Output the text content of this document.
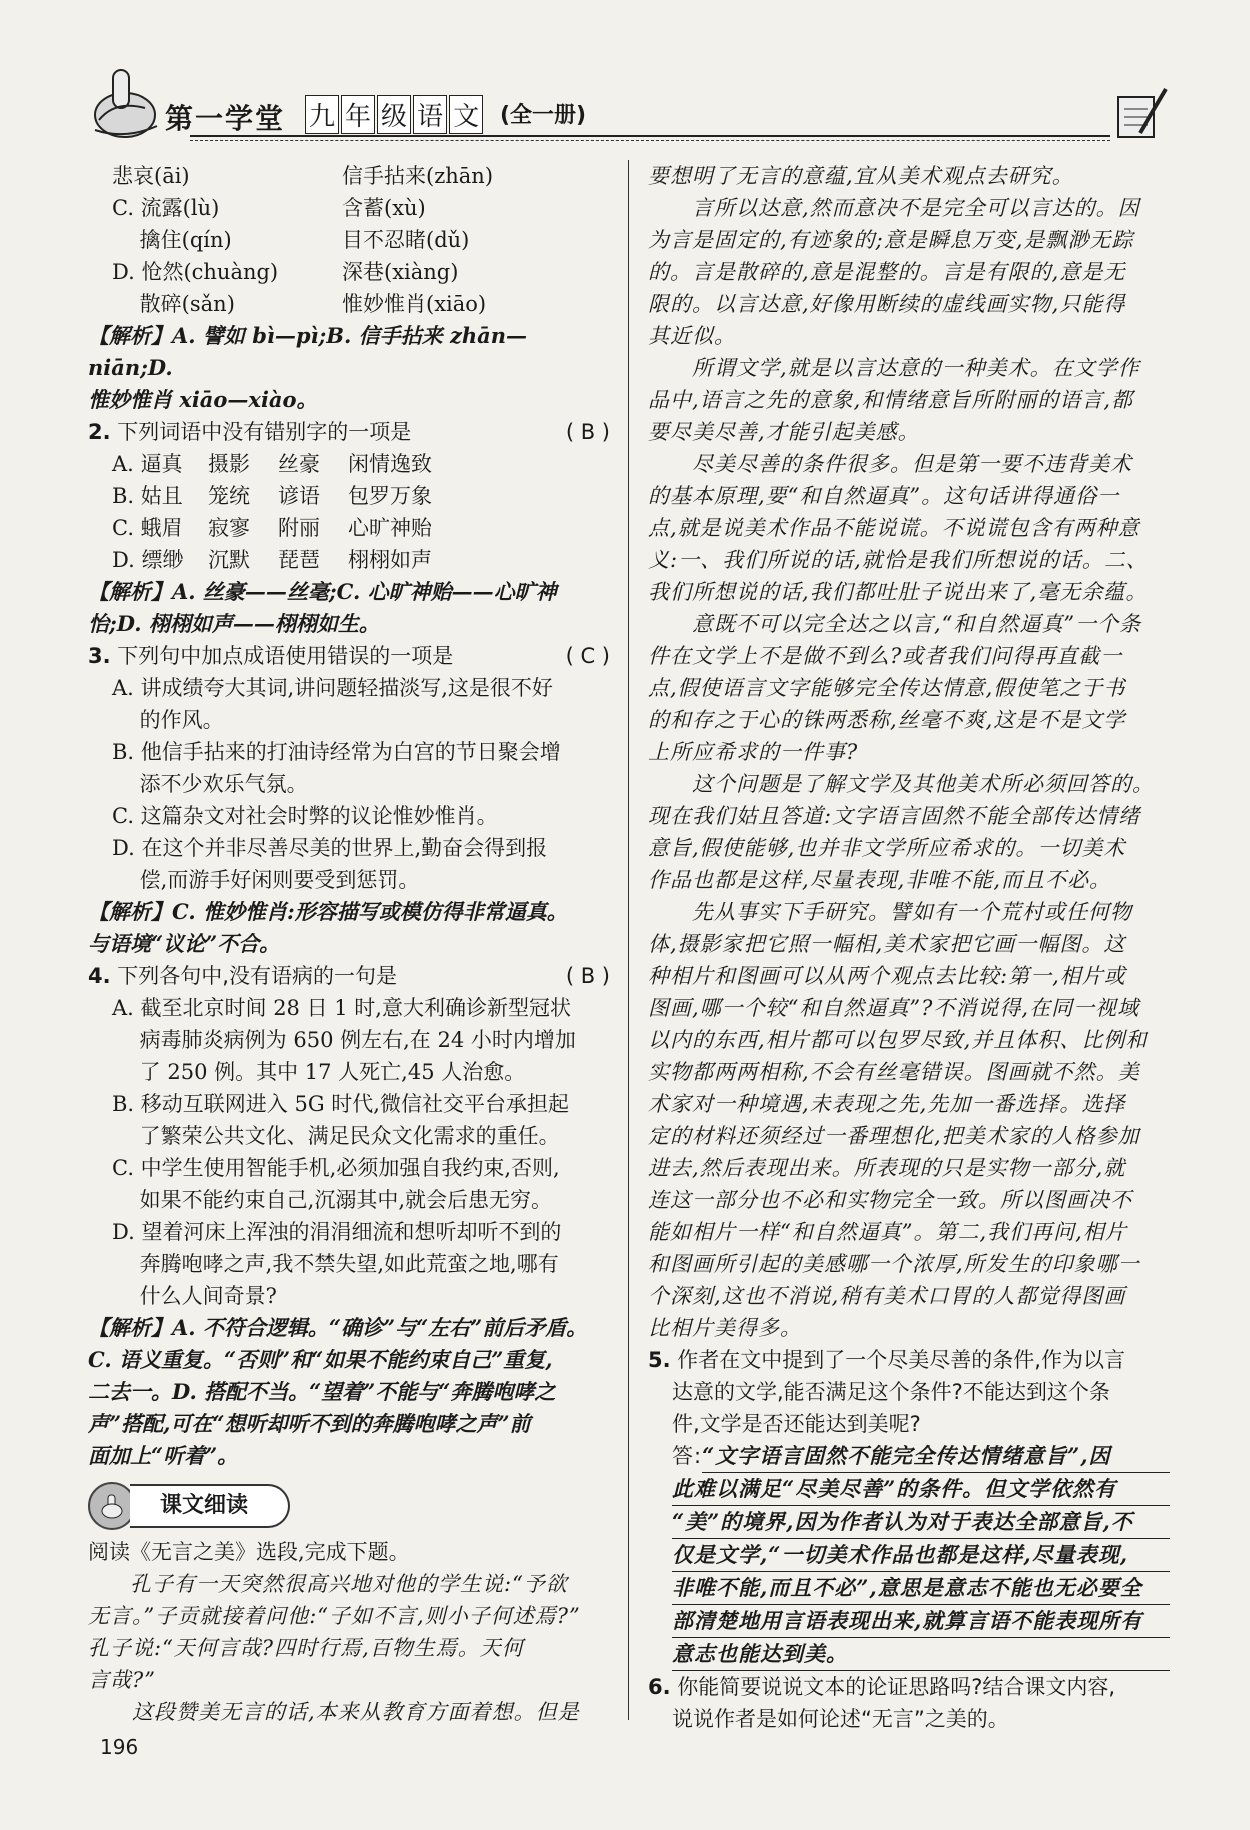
第一学堂 九 年 级 语 文 (全一册)
悲哀(āi)	信手拈来(zhān)
C. 流露(lù)	含蓄(xù)
　 擒住(qín)	目不忍睹(dǔ)
D. 怆然(chuàng)	深巷(xiàng)
　 散碎(sǎn)	惟妙惟肖(xiāo)
【解析】A. 譬如 bì—pì;B. 信手拈来 zhān—niān;D.
惟妙惟肖 xiāo—xiào。
2. 下列词语中没有错别字的一项是	( B )
A. 逼真	摄影	丝豪	闲情逸致
B. 姑且	笼统	谚语	包罗万象
C. 蛾眉	寂寥	附丽	心旷神贻
D. 缥缈	沉默	琵琶	栩栩如声
【解析】A. 丝豪——丝毫;C. 心旷神贻——心旷神
怡;D. 栩栩如声——栩栩如生。
3. 下列句中加点成语使用错误的一项是	( C )
A. 讲成绩夸大其词,讲问题轻描淡写,这是很不好
　 的作风。
B. 他信手拈来的打油诗经常为白宫的节日聚会增
　 添不少欢乐气氛。
C. 这篇杂文对社会时弊的议论惟妙惟肖。
D. 在这个并非尽善尽美的世界上,勤奋会得到报
　 偿,而游手好闲则要受到惩罚。
【解析】C. 惟妙惟肖:形容描写或模仿得非常逼真。
与语境“议论”不合。
4. 下列各句中,没有语病的一句是	( B )
A. 截至北京时间 28 日 1 时,意大利确诊新型冠状
　 病毒肺炎病例为 650 例左右,在 24 小时内增加
　 了 250 例。其中 17 人死亡,45 人治愈。
B. 移动互联网进入 5G 时代,微信社交平台承担起
　 了繁荣公共文化、满足民众文化需求的重任。
C. 中学生使用智能手机,必须加强自我约束,否则,
　 如果不能约束自己,沉溺其中,就会后患无穷。
D. 望着河床上浑浊的涓涓细流和想听却听不到的
　 奔腾咆哮之声,我不禁失望,如此荒蛮之地,哪有
　 什么人间奇景?
【解析】A. 不符合逻辑。“确诊”与“左右”前后矛盾。
C. 语义重复。“否则”和“如果不能约束自己”重复,
二去一。D. 搭配不当。“望着”不能与“奔腾咆哮之
声”搭配,可在“想听却听不到的奔腾咆哮之声”前
面加上“听着”。
课文细读
阅读《无言之美》选段,完成下题。
孔子有一天突然很高兴地对他的学生说:“予欲
无言。”子贡就接着问他:“子如不言,则小子何述焉?”
孔子说:“天何言哉?四时行焉,百物生焉。天何
言哉?”
　　这段赞美无言的话,本来从教育方面着想。但是
要想明了无言的意蕴,宜从美术观点去研究。
　　言所以达意,然而意决不是完全可以言达的。因
为言是固定的,有迹象的;意是瞬息万变,是飘渺无踪
的。言是散碎的,意是混整的。言是有限的,意是无
限的。以言达意,好像用断续的虚线画实物,只能得
其近似。
　　所谓文学,就是以言达意的一种美术。在文学作
品中,语言之先的意象,和情绪意旨所附丽的语言,都
要尽美尽善,才能引起美感。
　　尽美尽善的条件很多。但是第一要不违背美术
的基本原理,要“和自然逼真”。这句话讲得通俗一
点,就是说美术作品不能说谎。不说谎包含有两种意
义:一、我们所说的话,就恰是我们所想说的话。二、
我们所想说的话,我们都吐肚子说出来了,毫无余蕴。
　　意既不可以完全达之以言,“和自然逼真”一个条
件在文学上不是做不到么?或者我们问得再直截一
点,假使语言文字能够完全传达情意,假使笔之于书
的和存之于心的铢两悉称,丝毫不爽,这是不是文学
上所应希求的一件事?
　　这个问题是了解文学及其他美术所必须回答的。
现在我们姑且答道:文字语言固然不能全部传达情绪
意旨,假使能够,也并非文学所应希求的。一切美术
作品也都是这样,尽量表现,非唯不能,而且不必。
　　先从事实下手研究。譬如有一个荒村或任何物
体,摄影家把它照一幅相,美术家把它画一幅图。这
种相片和图画可以从两个观点去比较:第一,相片或
图画,哪一个较“和自然逼真”?不消说得,在同一视域
以内的东西,相片都可以包罗尽致,并且体积、比例和
实物都两两相称,不会有丝毫错误。图画就不然。美
术家对一种境遇,未表现之先,先加一番选择。选择
定的材料还须经过一番理想化,把美术家的人格参加
进去,然后表现出来。所表现的只是实物一部分,就
连这一部分也不必和实物完全一致。所以图画决不
能如相片一样“和自然逼真”。第二,我们再问,相片
和图画所引起的美感哪一个浓厚,所发生的印象哪一
个深刻,这也不消说,稍有美术口胃的人都觉得图画
比相片美得多。
5. 作者在文中提到了一个尽美尽善的条件,作为以言
达意的文学,能否满足这个条件?不能达到这个条
件,文学是否还能达到美呢?
答: “文字语言固然不能完全传达情绪意旨”,因
此难以满足“尽美尽善”的条件。但文学依然有
“美”的境界,因为作者认为对于表达全部意旨,不
仅是文学,“一切美术作品也都是这样,尽量表现,
非唯不能,而且不必”,意思是意志不能也无必要全
部清楚地用言语表现出来,就算言语不能表现所有
意志也能达到美。
6. 你能简要说说文本的论证思路吗?结合课文内容,
说说作者是如何论述“无言”之美的。
196
